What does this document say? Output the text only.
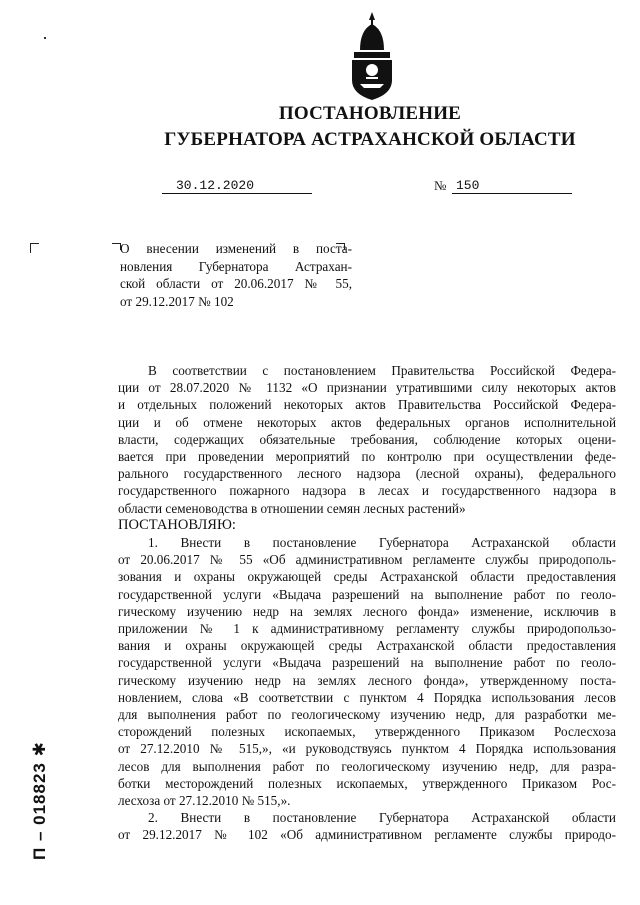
ПОСТАНОВЛЕНИЕ
ГУБЕРНАТОРА АСТРАХАНСКОЙ ОБЛАСТИ
30.12.2020	№ 150
О внесении изменений в поста-
новления Губернатора Астрахан-
ской области от 20.06.2017 № 55,
от 29.12.2017 № 102
В соответствии с постановлением Правительства Российской Федера-
ции от 28.07.2020 № 1132 «О признании утратившими силу некоторых актов
и отдельных положений некоторых актов Правительства Российской Федера-
ции и об отмене некоторых актов федеральных органов исполнительной
власти, содержащих обязательные требования, соблюдение которых оцени-
вается при проведении мероприятий по контролю при осуществлении феде-
рального государственного лесного надзора (лесной охраны), федерального
государственного пожарного надзора в лесах и государственного надзора в
области семеноводства в отношении семян лесных растений»
ПОСТАНОВЛЯЮ:
1. Внести в постановление Губернатора Астраханской области
от 20.06.2017 № 55 «Об административном регламенте службы природополь-
зования и охраны окружающей среды Астраханской области предоставления
государственной услуги «Выдача разрешений на выполнение работ по геоло-
гическому изучению недр на землях лесного фонда» изменение, исключив в
приложении № 1 к административному регламенту службы природопользо-
вания и охраны окружающей среды Астраханской области предоставления
государственной услуги «Выдача разрешений на выполнение работ по геоло-
гическому изучению недр на землях лесного фонда», утвержденному поста-
новлением, слова «В соответствии с пунктом 4 Порядка использования лесов
для выполнения работ по геологическому изучению недр, для разработки ме-
сторождений полезных ископаемых, утвержденного Приказом Рослесхоза
от 27.12.2010 № 515,», «и руководствуясь пунктом 4 Порядка использования
лесов для выполнения работ по геологическому изучению недр, для разра-
ботки месторождений полезных ископаемых, утвержденного Приказом Рос-
лесхоза от 27.12.2010 № 515,».
2. Внести в постановление Губернатора Астраханской области
от 29.12.2017 № 102 «Об административном регламенте службы природо-
П – 018823 ✱
